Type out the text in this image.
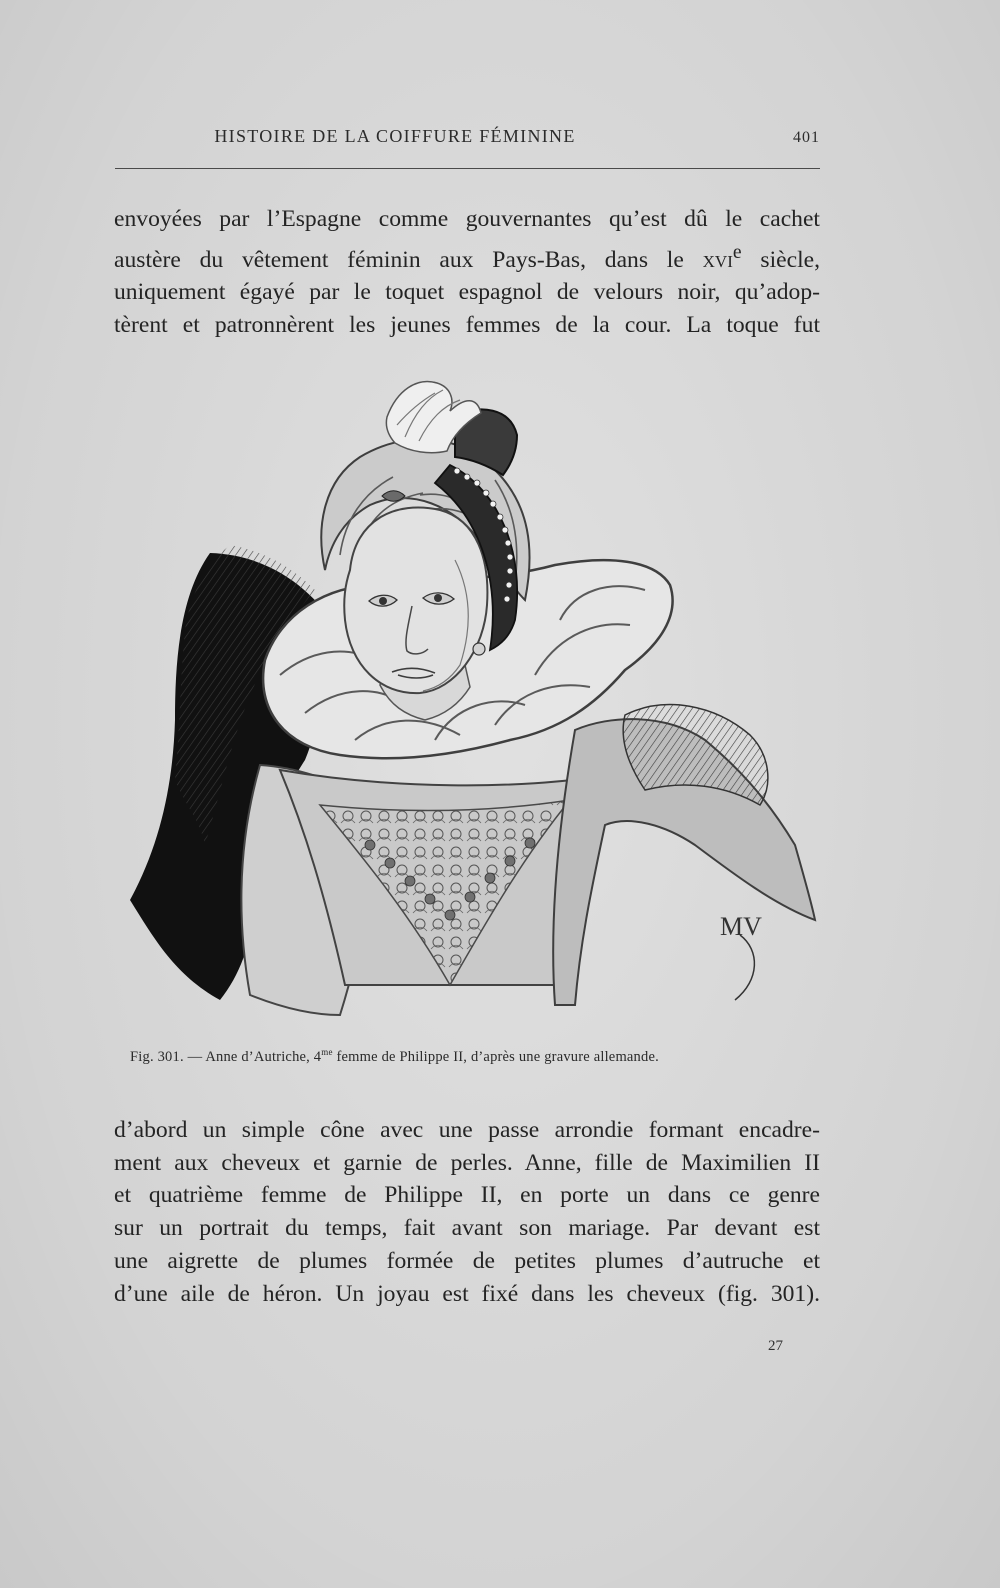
HISTOIRE DE LA COIFFURE FÉMININE	401
envoyées par l’Espagne comme gouvernantes qu’est dû le cachet
austère du vêtement féminin aux Pays-Bas, dans le xvi$^e$ siècle,
uniquement égayé par le toquet espagnol de velours noir, qu’adop-
tèrent et patronnèrent les jeunes femmes de la cour. La toque fut
MV
Fig. 301. — Anne d’Autriche, $4^{me}$ femme de Philippe II, d’après une gravure allemande.
d’abord un simple cône avec une passe arrondie formant encadre-
ment aux cheveux et garnie de perles. Anne, fille de Maximilien II
et quatrième femme de Philippe II, en porte un dans ce genre
sur un portrait du temps, fait avant son mariage. Par devant est
une aigrette de plumes formée de petites plumes d’autruche et
d’une aile de héron. Un joyau est fixé dans les cheveux (fig. 301).
27
